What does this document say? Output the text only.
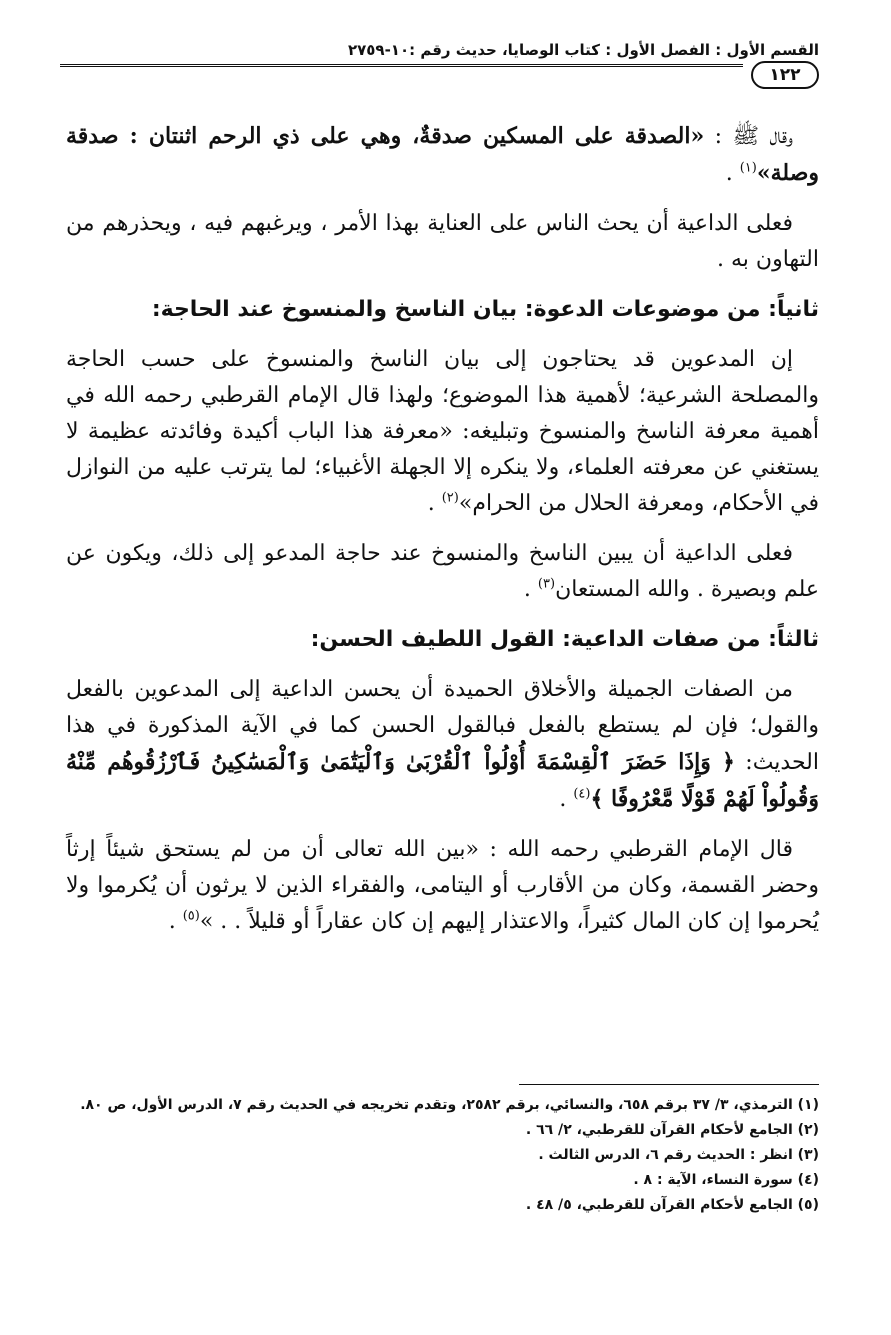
القسم الأول : الفصل الأول : كتاب الوصايا، حديث رقم :١٠-٢٧٥٩
١٢٢

وقال ﷺ : «الصدقة على المسكين صدقةٌ، وهي على ذي الرحم اثنتان : صدقة وصلة»$^{(١)}$ .

فعلى الداعية أن يحث الناس على العناية بهذا الأمر ، ويرغبهم فيه ، ويحذرهم من التهاون به .

ثانياً: من موضوعات الدعوة: بيان الناسخ والمنسوخ عند الحاجة:

إن المدعوين قد يحتاجون إلى بيان الناسخ والمنسوخ على حسب الحاجة والمصلحة الشرعية؛ لأهمية هذا الموضوع؛ ولهذا قال الإمام القرطبي رحمه الله في أهمية معرفة الناسخ والمنسوخ وتبليغه: «معرفة هذا الباب أكيدة وفائدته عظيمة لا يستغني عن معرفته العلماء، ولا ينكره إلا الجهلة الأغبياء؛ لما يترتب عليه من النوازل في الأحكام، ومعرفة الحلال من الحرام»$^{(٢)}$ .

فعلى الداعية أن يبين الناسخ والمنسوخ عند حاجة المدعو إلى ذلك، ويكون عن علم وبصيرة . والله المستعان$^{(٣)}$ .

ثالثاً: من صفات الداعية: القول اللطيف الحسن:

من الصفات الجميلة والأخلاق الحميدة أن يحسن الداعية إلى المدعوين بالفعل والقول؛ فإن لم يستطع بالفعل فبالقول الحسن كما في الآية المذكورة في هذا الحديث: ﴿ وَإِذَا حَضَرَ ٱلْقِسْمَةَ أُوْلُواْ ٱلْقُرْبَىٰ وَٱلْيَتَٰمَىٰ وَٱلْمَسَٰكِينُ فَٱرْزُقُوهُم مِّنْهُ وَقُولُواْ لَهُمْ قَوْلًا مَّعْرُوفًا ﴾$^{(٤)}$ .

قال الإمام القرطبي رحمه الله : «بين الله تعالى أن من لم يستحق شيئاً إرثاً وحضر القسمة، وكان من الأقارب أو اليتامى، والفقراء الذين لا يرثون أن يُكرموا ولا يُحرموا إن كان المال كثيراً، والاعتذار إليهم إن كان عقاراً أو قليلاً . . »$^{(٥)}$ .

(١) الترمذي، ٣/ ٣٧ برقم ٦٥٨، والنسائي، برقم ٢٥٨٢، وتقدم تخريجه في الحديث رقم ٧، الدرس الأول، ص ٨٠.

(٢) الجامع لأحكام القرآن للقرطبي، ٢/ ٦٦ .

(٣) انظر : الحديث رقم ٦، الدرس الثالث .

(٤) سورة النساء، الآية : ٨ .

(٥) الجامع لأحكام القرآن للقرطبي، ٥/ ٤٨ .
